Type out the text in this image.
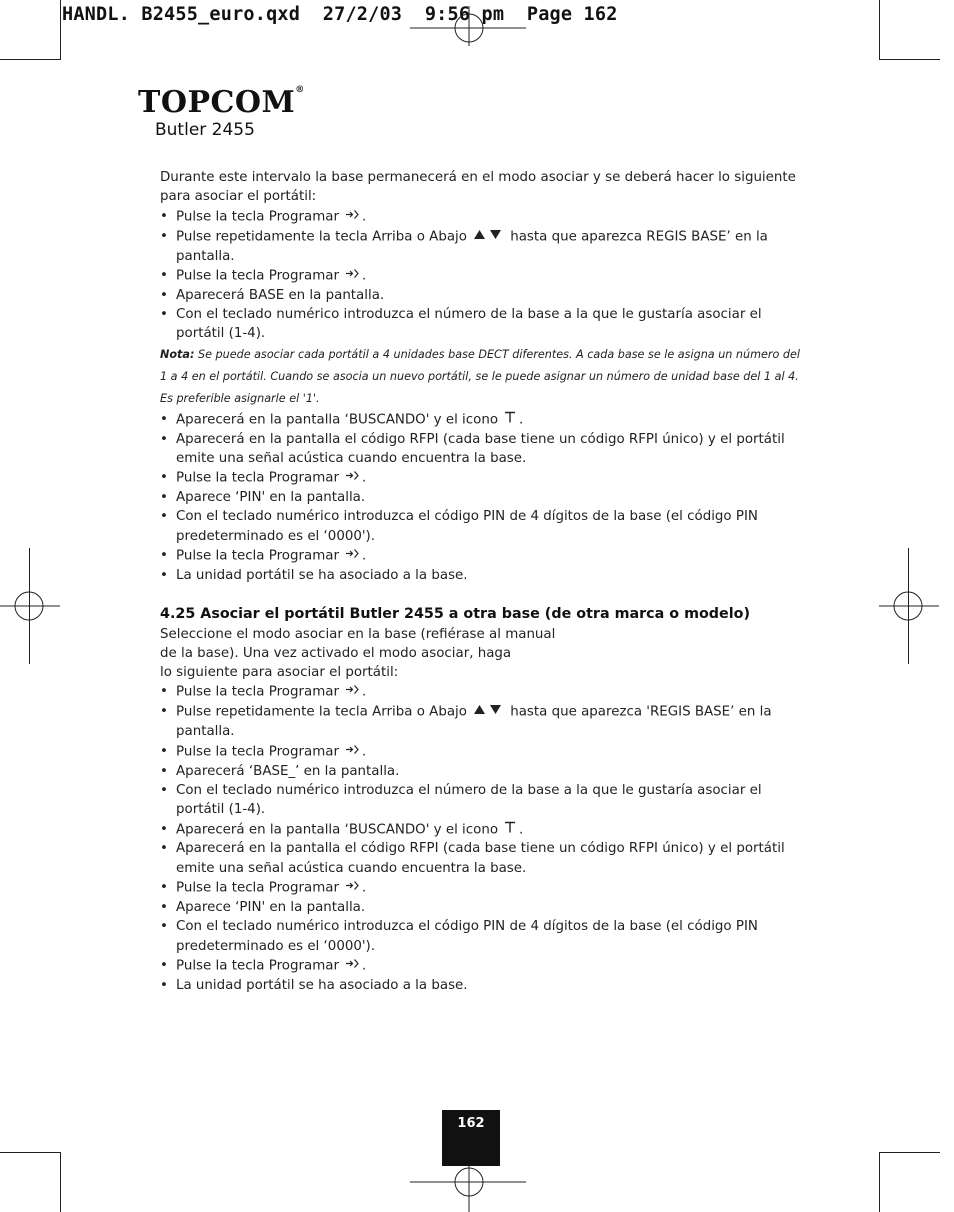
HANDL. B2455_euro.qxd  27/2/03  9:56 pm  Page 162
TOPCOM®
Butler 2455

Durante este intervalo la base permanecerá en el modo asociar y se deberá hacer lo siguiente para asociar el portátil:

• Pulse la tecla Programar .
• Pulse repetidamente la tecla Arriba o Abajo	hasta que aparezca REGIS BASE’ en la pantalla.
• Pulse la tecla Programar .
• Aparecerá BASE en la pantalla.
• Con el teclado numérico introduzca el número de la base a la que le gustaría asociar el portátil (1-4).

Nota: Se puede asociar cada portátil a 4 unidades base DECT diferentes. A cada base se le asigna un número del 1 a 4 en el portátil. Cuando se asocia un nuevo portátil, se le puede asignar un número de unidad base del 1 al 4. Es preferible asignarle el '1'.

• Aparecerá en la pantalla ‘BUSCANDO' y el icono .
• Aparecerá en la pantalla el código RFPI (cada base tiene un código RFPI único) y el portátil emite una señal acústica cuando encuentra la base.
• Pulse la tecla Programar .
• Aparece ‘PIN' en la pantalla.
• Con el teclado numérico introduzca el código PIN de 4 dígitos de la base (el código PIN predeterminado es el ‘0000').
• Pulse la tecla Programar .
• La unidad portátil se ha asociado a la base.
4.25 Asociar el portátil Butler 2455 a otra base (de otra marca o modelo)

Seleccione el modo asociar en la base (refiérase al manual

de la base). Una vez activado el modo asociar, haga

lo siguiente para asociar el portátil:

• Pulse la tecla Programar .
• Pulse repetidamente la tecla Arriba o Abajo	hasta que aparezca 'REGIS BASE’ en la pantalla.
• Pulse la tecla Programar .
• Aparecerá ‘BASE_’ en la pantalla.
• Con el teclado numérico introduzca el número de la base a la que le gustaría asociar el portátil (1-4).
• Aparecerá en la pantalla ‘BUSCANDO' y el icono .
• Aparecerá en la pantalla el código RFPI (cada base tiene un código RFPI único) y el portátil emite una señal acústica cuando encuentra la base.
• Pulse la tecla Programar .
• Aparece ‘PIN' en la pantalla.
• Con el teclado numérico introduzca el código PIN de 4 dígitos de la base (el código PIN predeterminado es el ‘0000').
• Pulse la tecla Programar .
• La unidad portátil se ha asociado a la base.
162
